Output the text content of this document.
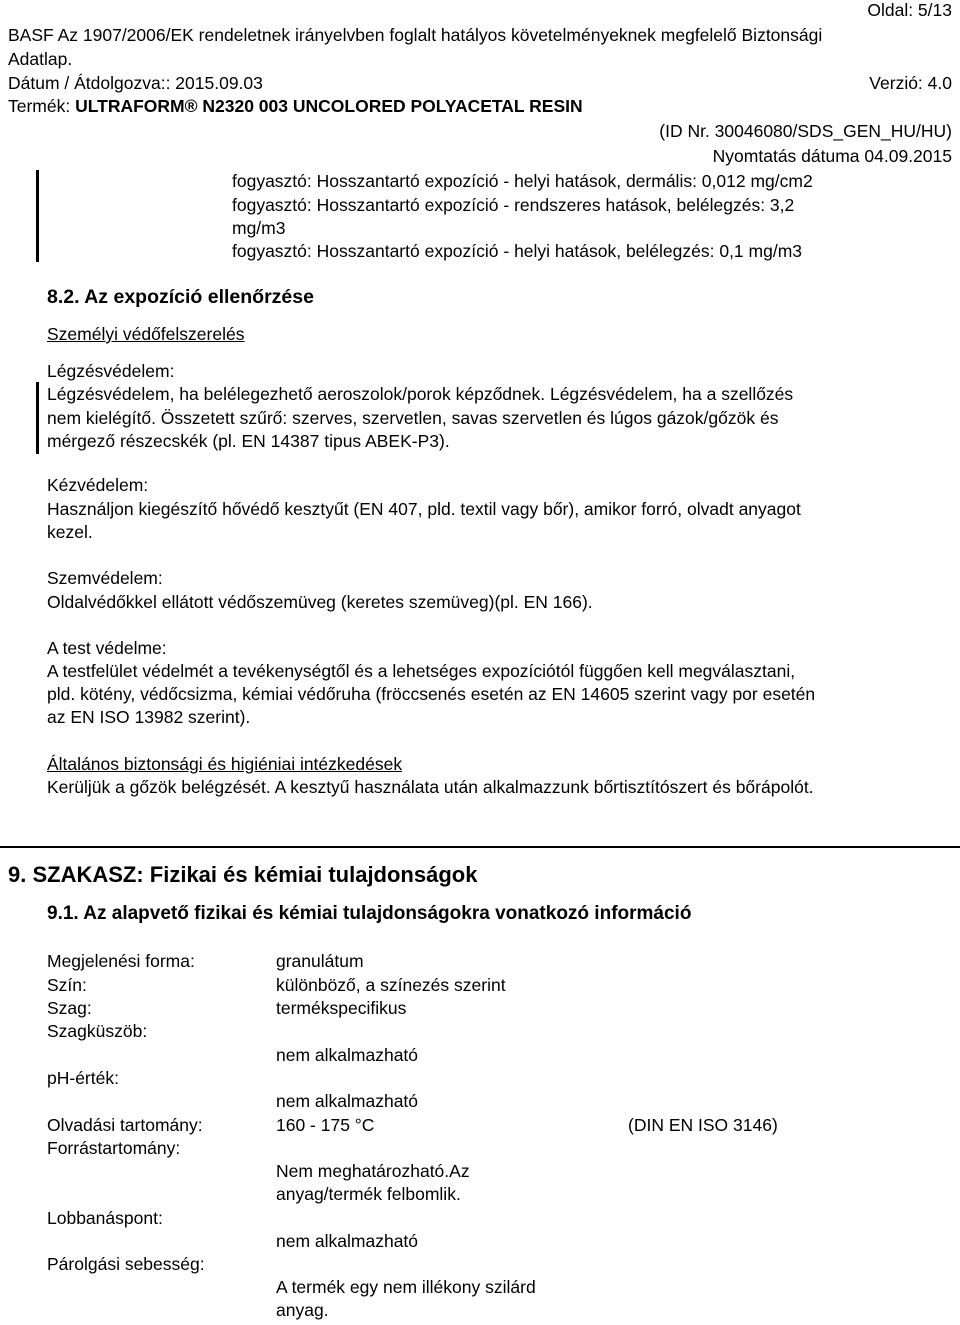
Oldal: 5/13
BASF Az 1907/2006/EK rendeletnek irányelvben foglalt hatályos követelményeknek megfelelő Biztonsági
Adatlap.
Dátum / Átdolgozva:: 2015.09.03	Verzió: 4.0
Termék: ULTRAFORM® N2320 003 UNCOLORED POLYACETAL RESIN
(ID Nr. 30046080/SDS_GEN_HU/HU)
Nyomtatás dátuma 04.09.2015
fogyasztó: Hosszantartó expozíció - helyi hatások, dermális: 0,012 mg/cm2
fogyasztó: Hosszantartó expozíció - rendszeres hatások, belélegzés: 3,2
mg/m3
fogyasztó: Hosszantartó expozíció - helyi hatások, belélegzés: 0,1 mg/m3
8.2. Az expozíció ellenőrzése
Személyi védőfelszerelés
Légzésvédelem:
Légzésvédelem, ha belélegezhető aeroszolok/porok képződnek. Légzésvédelem, ha a szellőzés
nem kielégítő. Összetett szűrő: szerves, szervetlen, savas szervetlen és lúgos gázok/gőzök és
mérgező részecskék (pl. EN 14387 tipus ABEK-P3).
Kézvédelem:
Használjon kiegészítő hővédő kesztyűt (EN 407, pld. textil vagy bőr), amikor forró, olvadt anyagot
kezel.
Szemvédelem:
Oldalvédőkkel ellátott védőszemüveg (keretes szemüveg)(pl. EN 166).
A test védelme:
A testfelület védelmét a tevékenységtől és a lehetséges expozíciótól függően kell megválasztani,
pld. kötény, védőcsizma, kémiai védőruha (fröccsenés esetén az EN 14605 szerint vagy por esetén
az EN ISO 13982 szerint).
Általános biztonsági és higiéniai intézkedések
Kerüljük a gőzök belégzését. A kesztyű használata után alkalmazzunk bőrtisztítószert és bőrápolót.
9. SZAKASZ: Fizikai és kémiai tulajdonságok
9.1. Az alapvető fizikai és kémiai tulajdonságokra vonatkozó információ
Megjelenési forma:
Szín:
Szag:
Szagküszöb:
pH-érték:
Olvadási tartomány:
Forrástartomány:
Lobbanáspont:
Párolgási sebesség:
granulátum
különböző, a színezés szerint
termékspecifikus
nem alkalmazható
nem alkalmazható
160 - 175 °C	(DIN EN ISO 3146)
Nem meghatározható.Az
anyag/termék felbomlik.
nem alkalmazható
A termék egy nem illékony szilárd
anyag.
